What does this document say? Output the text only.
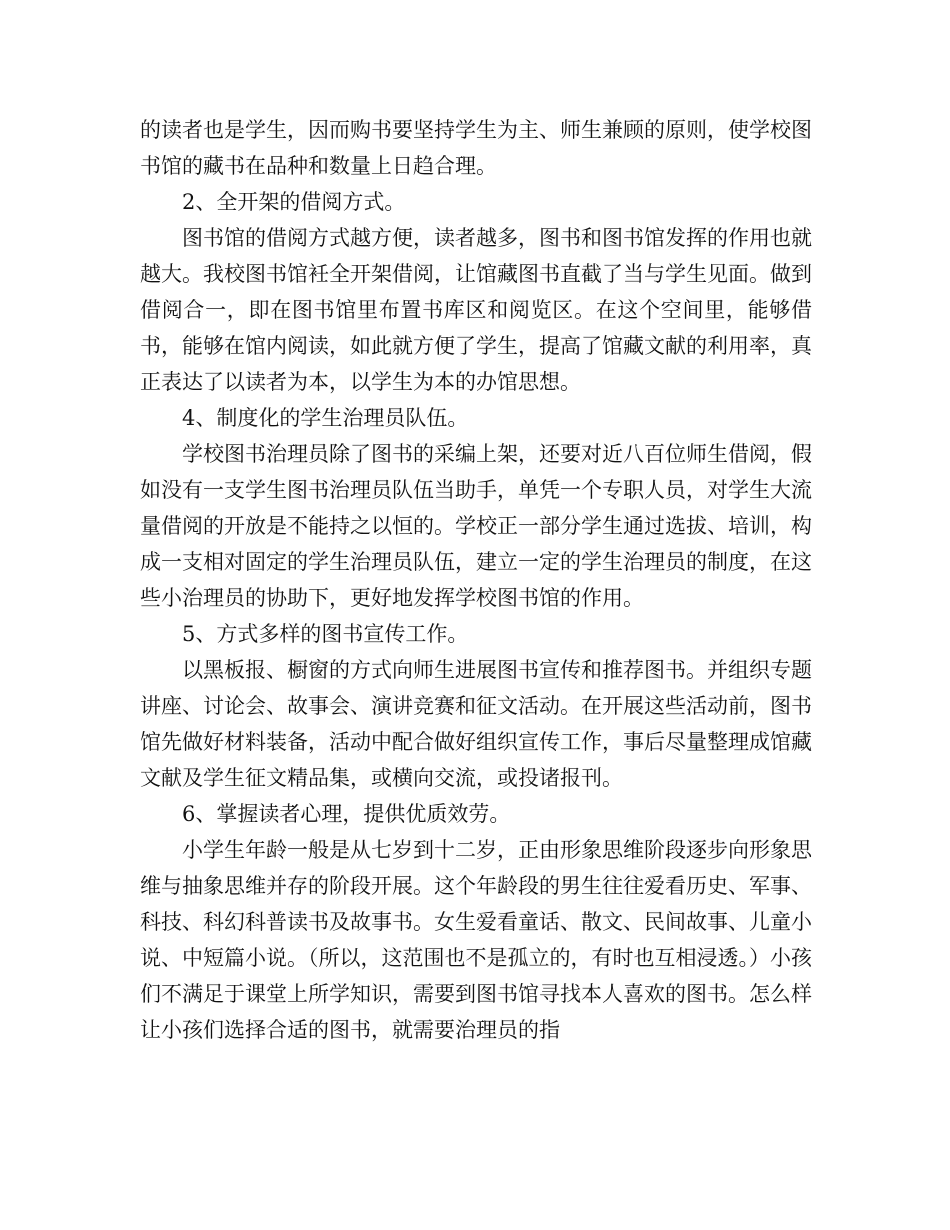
的读者也是学生，因而购书要坚持学生为主、师生兼顾的原则，使学校图书馆的藏书在品种和数量上日趋合理。

2、全开架的借阅方式。

图书馆的借阅方式越方便，读者越多，图书和图书馆发挥的作用也就越大。我校图书馆衽全开架借阅，让馆藏图书直截了当与学生见面。做到借阅合一，即在图书馆里布置书库区和阅览区。在这个空间里，能够借书，能够在馆内阅读，如此就方便了学生，提高了馆藏文献的利用率，真正表达了以读者为本，以学生为本的办馆思想。

4、制度化的学生治理员队伍。

学校图书治理员除了图书的采编上架，还要对近八百位师生借阅，假如没有一支学生图书治理员队伍当助手，单凭一个专职人员，对学生大流量借阅的开放是不能持之以恒的。学校正一部分学生通过选拔、培训，构成一支相对固定的学生治理员队伍，建立一定的学生治理员的制度，在这些小治理员的协助下，更好地发挥学校图书馆的作用。

5、方式多样的图书宣传工作。

以黑板报、橱窗的方式向师生进展图书宣传和推荐图书。并组织专题讲座、讨论会、故事会、演讲竞赛和征文活动。在开展这些活动前，图书馆先做好材料装备，活动中配合做好组织宣传工作，事后尽量整理成馆藏文献及学生征文精品集，或横向交流，或投诸报刊。

6、掌握读者心理，提供优质效劳。

小学生年龄一般是从七岁到十二岁，正由形象思维阶段逐步向形象思维与抽象思维并存的阶段开展。这个年龄段的男生往往爱看历史、军事、科技、科幻科普读书及故事书。女生爱看童话、散文、民间故事、儿童小说、中短篇小说。（所以，这范围也不是孤立的，有时也互相浸透。）小孩们不满足于课堂上所学知识，需要到图书馆寻找本人喜欢的图书。怎么样让小孩们选择合适的图书，就需要治理员的指
